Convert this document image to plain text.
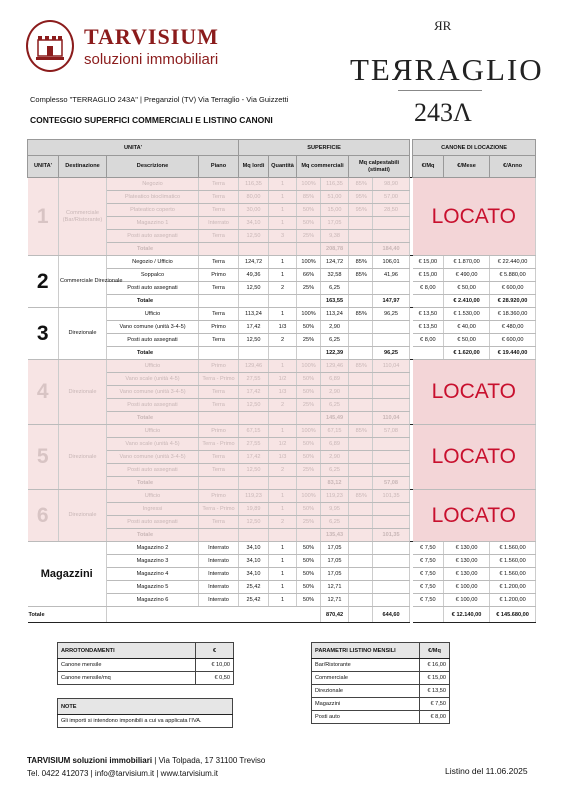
TARVISIUM
soluzioni immobiliari
ЯR
TEЯRAGLIO
243Λ
Complesso "TERRAGLIO 243A" | Preganziol (TV) Via Terraglio - Via Guizzetti
CONTEGGIO SUPERFICI COMMERCIALI E LISTINO CANONI
UNITA'				SUPERFICIE								CANONE DI LOCAZIONE		
UNITA'	Destinazione	Descrizione	Piano	Mq lordi	Quantità	Mq commerciali		Mq calpestabili (stimati)				€/Mq	€/Mese	€/Anno
1	Commerciale (Bar/Ristorante)	Negozio	Terra	116,35	1	100%	116,35		85%	98,90		LOCATO		
		Plateatico bioclimatico	Terra	80,00	1	85%	51,00		95%	57,00				
		Plateatico coperto	Terra	30,00	1	50%	15,00		95%	28,50				
		Magazzino 1	Interrato	34,10	1	50%	17,05							
		Posti auto assegnati	Terra	12,50	3	25%	9,38							
		Totale					208,78			184,40				
2	Commerciale Direzionale	Negozio / Ufficio	Terra	124,72	1	100%	124,72		85%	106,01		€ 15,00	€ 1.870,00	€ 22.440,00
		Soppalco	Primo	49,36	1	66%	32,58		85%	41,96		€ 15,00	€ 490,00	€ 5.880,00
		Posti auto assegnati	Terra	12,50	2	25%	6,25					€ 8,00	€ 50,00	€ 600,00
		Totale					163,55			147,97			€ 2.410,00	€ 28.920,00
3	Direzionale	Ufficio	Terra	113,24	1	100%	113,24		85%	96,25		€ 13,50	€ 1.530,00	€ 18.360,00
		Vano comune (unità 3-4-5)	Primo	17,42	1/3	50%	2,90					€ 13,50	€ 40,00	€ 480,00
		Posti auto assegnati	Terra	12,50	2	25%	6,25					€ 8,00	€ 50,00	€ 600,00
		Totale					122,39			96,25			€ 1.620,00	€ 19.440,00
4	Direzionale	Ufficio	Primo	129,46	1	100%	129,46		85%	110,04		LOCATO		
		Vano scale (unità 4-5)	Terra - Primo	27,55	1/2	50%	6,89							
		Vano comune (unità 3-4-5)	Terra	17,42	1/3	50%	2,90							
		Posti auto assegnati	Terra	12,50	2	25%	6,25							
		Totale					145,49			110,04				
5	Direzionale	Ufficio	Primo	67,15	1	100%	67,15		85%	57,08		LOCATO		
		Vano scale (unità 4-5)	Terra - Primo	27,55	1/2	50%	6,89							
		Vano comune (unità 3-4-5)	Terra	17,42	1/3	50%	2,90							
		Posti auto assegnati	Terra	12,50	2	25%	6,25							
		Totale					83,12			57,08				
6	Direzionale	Ufficio	Primo	119,23	1	100%	119,23		85%	101,35		LOCATO		
		Ingressi	Terra - Primo	19,89	1	50%	9,95							
		Posti auto assegnati	Terra	12,50	2	25%	6,25							
		Totale					135,43			101,35				
Magazzini		Magazzino 2	Interrato	34,10	1	50%	17,05					€ 7,50	€ 130,00	€ 1.560,00
		Magazzino 3	Interrato	34,10	1	50%	17,05					€ 7,50	€ 130,00	€ 1.560,00
		Magazzino 4	Interrato	34,10	1	50%	17,05					€ 7,50	€ 130,00	€ 1.560,00
		Magazzino 5	Interrato	25,42	1	50%	12,71					€ 7,50	€ 100,00	€ 1.200,00
		Magazzino 6	Interrato	25,42	1	50%	12,71					€ 7,50	€ 100,00	€ 1.200,00
Totale							870,42			644,60			€ 12.140,00	€ 145.680,00
ARROTONDAMENTI	€
Canone mensile	€ 10,00
Canone mensile/mq	€ 0,50
NOTE
Gli importi si intendono imponibili a cui va applicata l'IVA.
PARAMETRI LISTINO MENSILI	€/Mq
Bar/Ristorante	€ 16,00
Commerciale	€ 15,00
Direzionale	€ 13,50
Magazzini	€ 7,50
Posti auto	€ 8,00
TARVISIUM soluzioni immobiliari | Via Tolpada, 17 31100 Treviso
Tel. 0422 412073 | info@tarvisium.it | www.tarvisium.it	Listino del 11.06.2025
